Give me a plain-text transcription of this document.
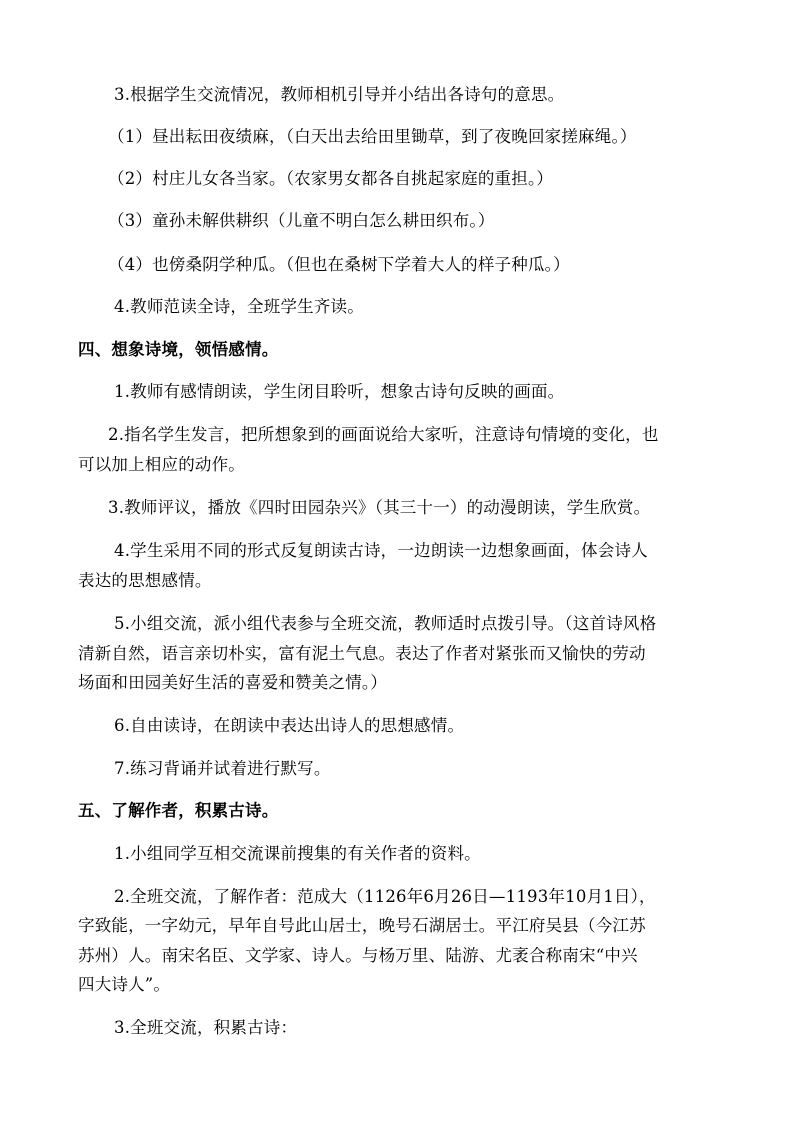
3.根据学生交流情况，教师相机引导并小结出各诗句的意思。
（1）昼出耘田夜绩麻，（白天出去给田里锄草，到了夜晚回家搓麻绳。）
（2）村庄儿女各当家。（农家男女都各自挑起家庭的重担。）
（3）童孙未解供耕织（儿童不明白怎么耕田织布。）
（4）也傍桑阴学种瓜。（但也在桑树下学着大人的样子种瓜。）
4.教师范读全诗，全班学生齐读。
四、想象诗境，领悟感情。
1.教师有感情朗读，学生闭目聆听，想象古诗句反映的画面。
2.指名学生发言，把所想象到的画面说给大家听，注意诗句情境的变化，也
可以加上相应的动作。
3.教师评议，播放《四时田园杂兴》（其三十一）的动漫朗读，学生欣赏。
4.学生采用不同的形式反复朗读古诗，一边朗读一边想象画面，体会诗人
表达的思想感情。
5.小组交流，派小组代表参与全班交流，教师适时点拨引导。（这首诗风格
清新自然，语言亲切朴实，富有泥土气息。表达了作者对紧张而又愉快的劳动
场面和田园美好生活的喜爱和赞美之情。）
6.自由读诗，在朗读中表达出诗人的思想感情。
7.练习背诵并试着进行默写。
五、了解作者，积累古诗。
1.小组同学互相交流课前搜集的有关作者的资料。
2.全班交流，了解作者：范成大（1126年6月26日—1193年10月1日），
字致能，一字幼元，早年自号此山居士，晚号石湖居士。平江府吴县（今江苏
苏州）人。南宋名臣、文学家、诗人。与杨万里、陆游、尤袤合称南宋“中兴
四大诗人”。
3.全班交流，积累古诗：
